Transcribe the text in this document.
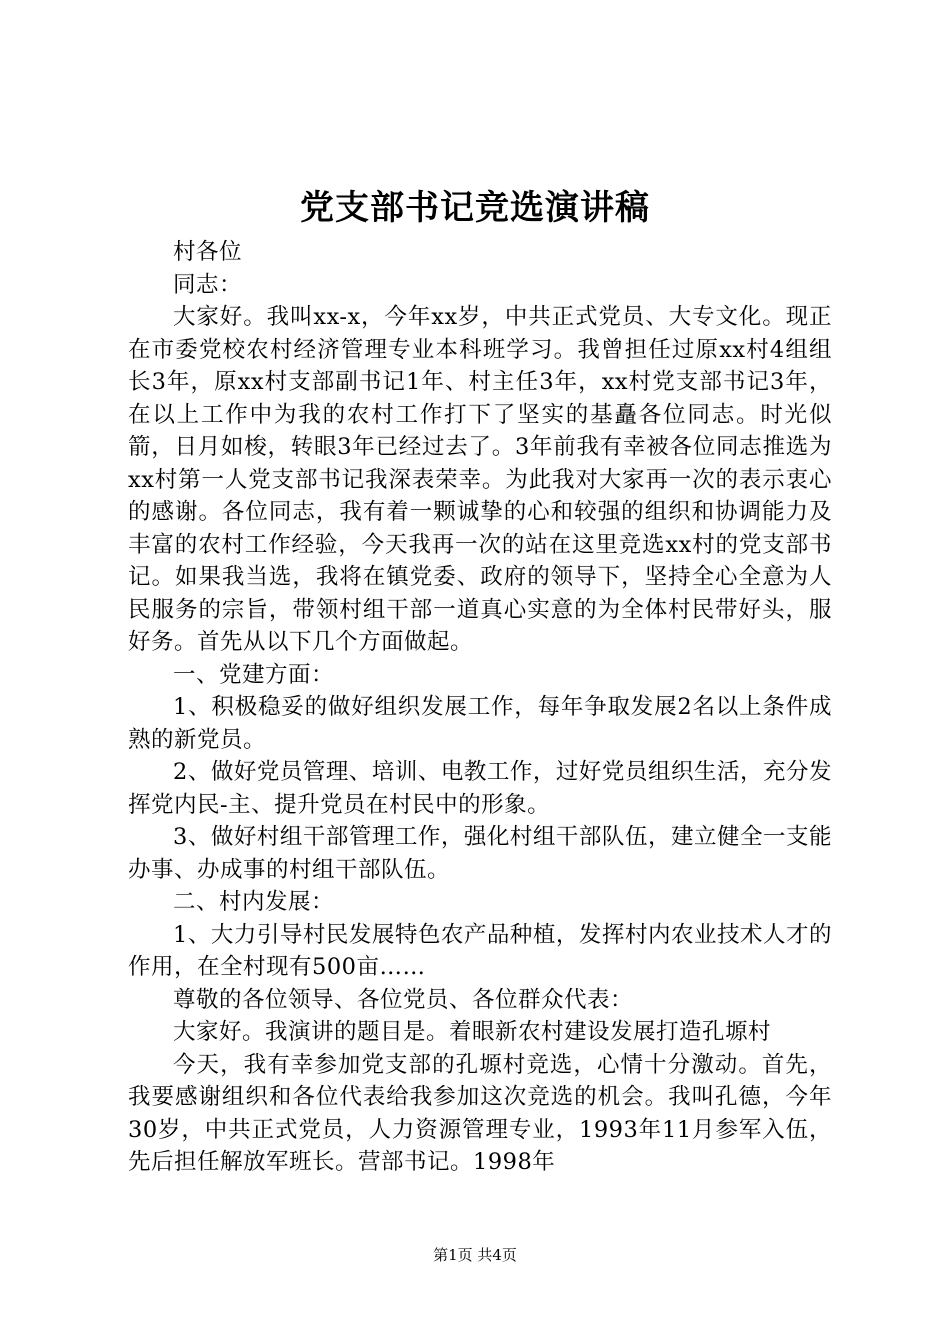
党支部书记竞选演讲稿

村各位

同志：

大家好。我叫xx-x，今年xx岁，中共正式党员、大专文化。现正在市委党校农村经济管理专业本科班学习。我曾担任过原xx村4组组长3年，原xx村支部副书记1年、村主任3年，xx村党支部书记3年，在以上工作中为我的农村工作打下了坚实的基矗各位同志。时光似箭，日月如梭，转眼3年已经过去了。3年前我有幸被各位同志推选为xx村第一人党支部书记我深表荣幸。为此我对大家再一次的表示衷心的感谢。各位同志，我有着一颗诚挚的心和较强的组织和协调能力及丰富的农村工作经验，今天我再一次的站在这里竞选xx村的党支部书记。如果我当选，我将在镇党委、政府的领导下，坚持全心全意为人民服务的宗旨，带领村组干部一道真心实意的为全体村民带好头，服好务。首先从以下几个方面做起。

一、党建方面：

1、积极稳妥的做好组织发展工作，每年争取发展2名以上条件成熟的新党员。

2、做好党员管理、培训、电教工作，过好党员组织生活，充分发挥党内民-主、提升党员在村民中的形象。

3、做好村组干部管理工作，强化村组干部队伍，建立健全一支能办事、办成事的村组干部队伍。

二、村内发展：

1、大力引导村民发展特色农产品种植，发挥村内农业技术人才的作用，在全村现有500亩……

尊敬的各位领导、各位党员、各位群众代表：

大家好。我演讲的题目是。着眼新农村建设发展打造孔塬村

今天，我有幸参加党支部的孔塬村竞选，心情十分激动。首先，我要感谢组织和各位代表给我参加这次竞选的机会。我叫孔德，今年30岁，中共正式党员，人力资源管理专业，1993年11月参军入伍，先后担任解放军班长。营部书记。1998年

第1页 共4页
